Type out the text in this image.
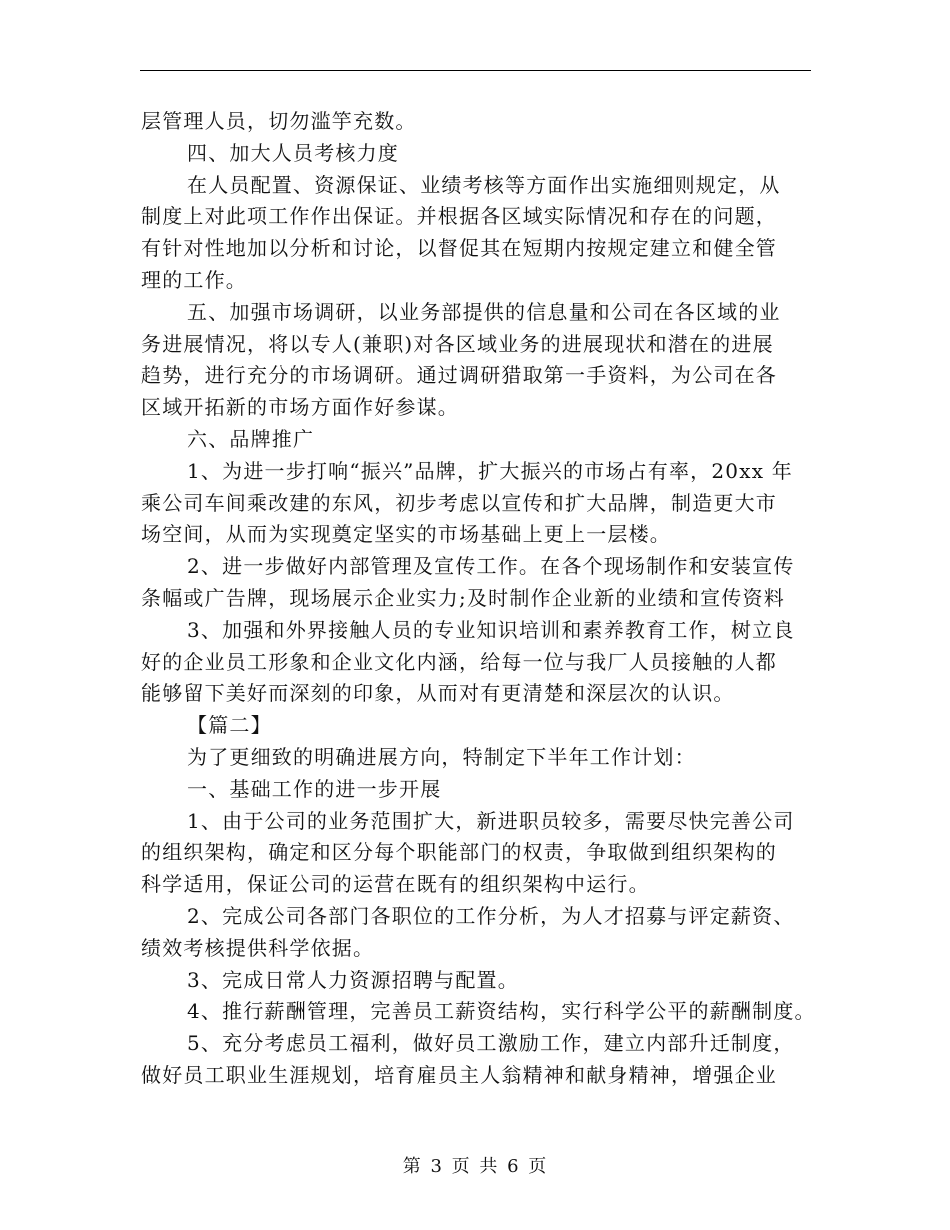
层管理人员，切勿滥竽充数。
四、加大人员考核力度
在人员配置、资源保证、业绩考核等方面作出实施细则规定，从
制度上对此项工作作出保证。并根据各区域实际情况和存在的问题，
有针对性地加以分析和讨论，以督促其在短期内按规定建立和健全管
理的工作。
五、加强市场调研，以业务部提供的信息量和公司在各区域的业
务进展情况，将以专人(兼职)对各区域业务的进展现状和潜在的进展
趋势，进行充分的市场调研。通过调研猎取第一手资料，为公司在各
区域开拓新的市场方面作好参谋。
六、品牌推广
1、为进一步打响“振兴”品牌，扩大振兴的市场占有率，20xx 年
乘公司车间乘改建的东风，初步考虑以宣传和扩大品牌，制造更大市
场空间，从而为实现奠定坚实的市场基础上更上一层楼。
2、进一步做好内部管理及宣传工作。在各个现场制作和安装宣传
条幅或广告牌，现场展示企业实力;及时制作企业新的业绩和宣传资料
3、加强和外界接触人员的专业知识培训和素养教育工作，树立良
好的企业员工形象和企业文化内涵，给每一位与我厂人员接触的人都
能够留下美好而深刻的印象，从而对有更清楚和深层次的认识。
【篇二】
为了更细致的明确进展方向，特制定下半年工作计划：
一、基础工作的进一步开展
1、由于公司的业务范围扩大，新进职员较多，需要尽快完善公司
的组织架构，确定和区分每个职能部门的权责，争取做到组织架构的
科学适用，保证公司的运营在既有的组织架构中运行。
2、完成公司各部门各职位的工作分析，为人才招募与评定薪资、
绩效考核提供科学依据。
3、完成日常人力资源招聘与配置。
4、推行薪酬管理，完善员工薪资结构，实行科学公平的薪酬制度。
5、充分考虑员工福利，做好员工激励工作，建立内部升迁制度，
做好员工职业生涯规划，培育雇员主人翁精神和献身精神，增强企业
第 3 页 共 6 页
